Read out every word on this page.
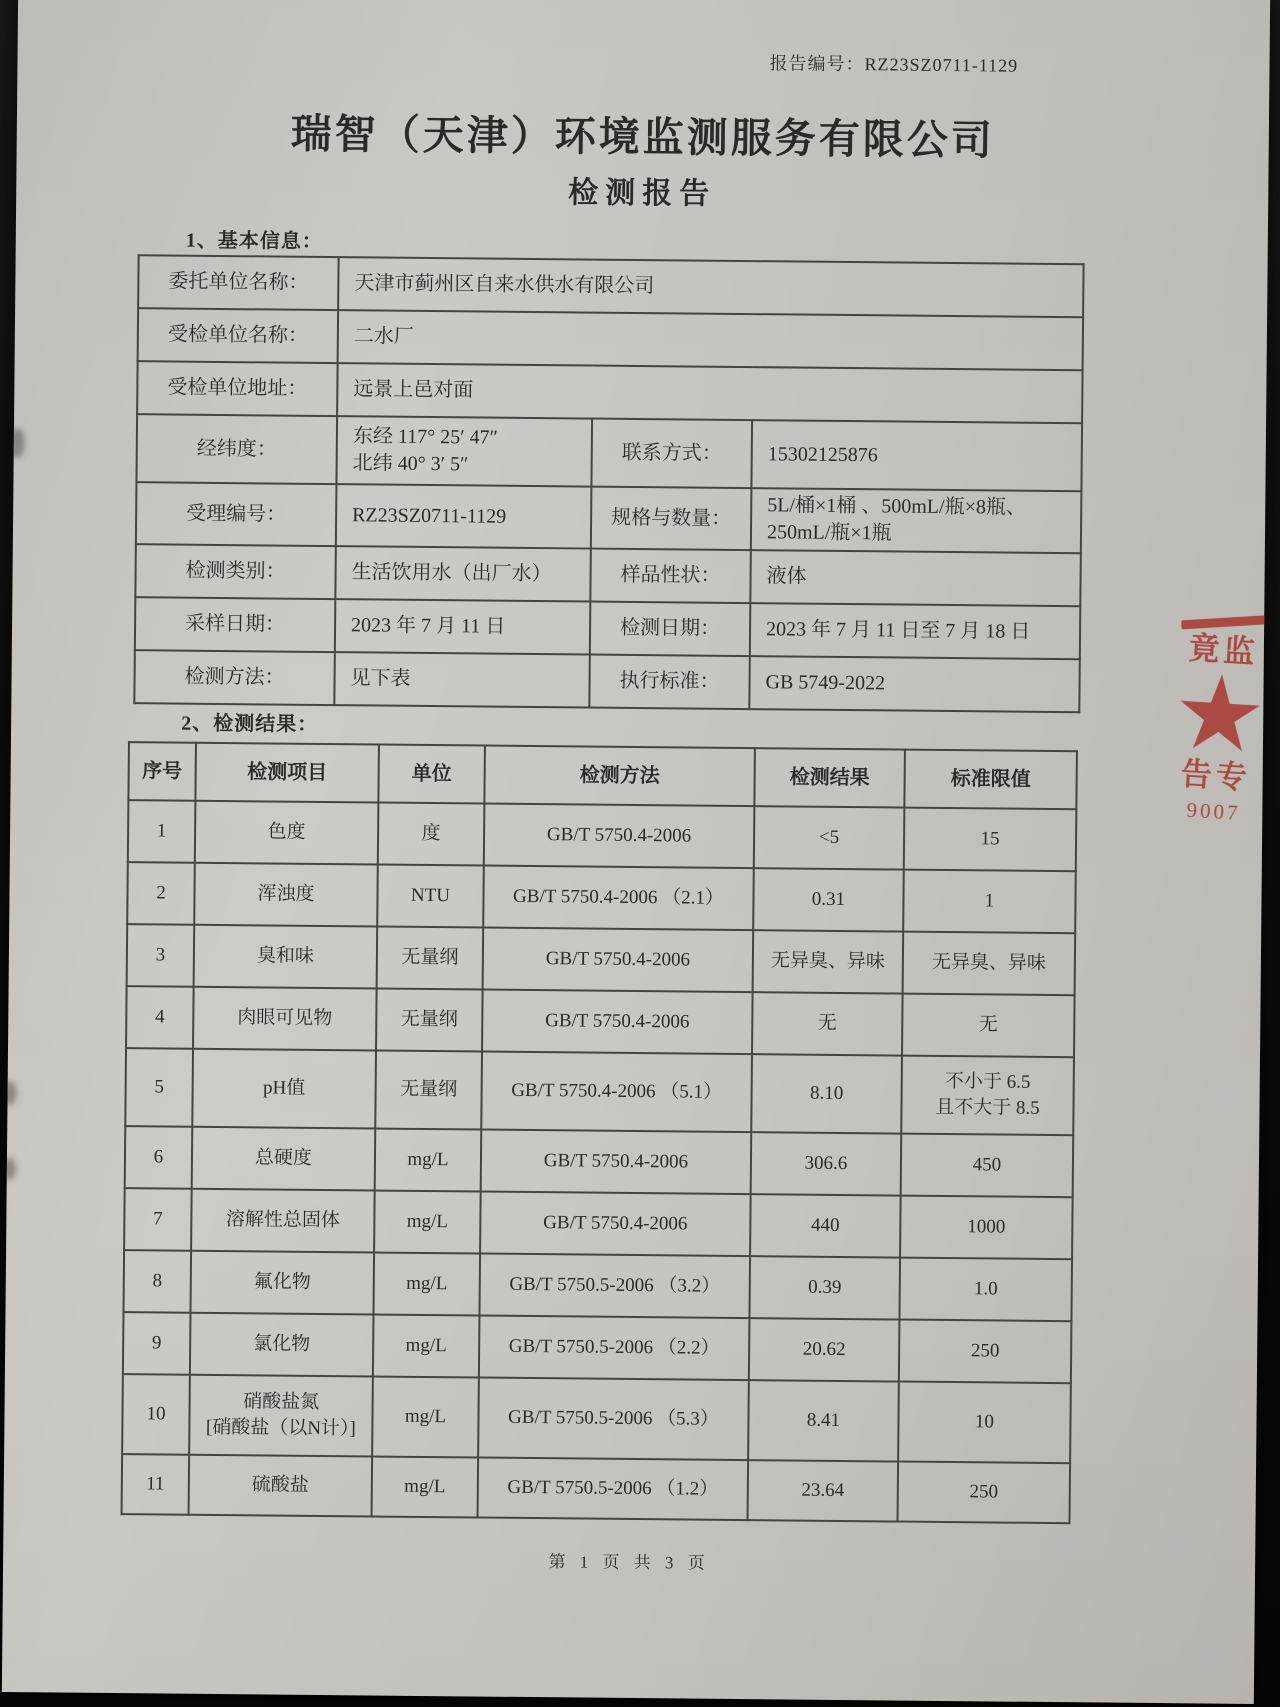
报告编号：RZ23SZ0711-1129
瑞智（天津）环境监测服务有限公司
检测报告
1、基本信息：
委托单位名称：	天津市蓟州区自来水供水有限公司		
受检单位名称：	二水厂		
受检单位地址：	远景上邑对面		
经纬度：	东经 117° 25′ 47″
北纬 40° 3′ 5″	联系方式：	15302125876
受理编号：	RZ23SZ0711-1129	规格与数量：	5L/桶×1桶 、500mL/瓶×8瓶、
250mL/瓶×1瓶
检测类别：	生活饮用水（出厂水）	样品性状：	液体
采样日期：	2023 年 7 月 11 日	检测日期：	2023 年 7 月 11 日至 7 月 18 日
检测方法：	见下表	执行标准：	GB 5749-2022
2、检测结果：
序号	检测项目	单位	检测方法	检测结果	标准限值
1	色度	度	GB/T 5750.4-2006	<5	15
2	浑浊度	NTU	GB/T 5750.4-2006 （2.1）	0.31	1
3	臭和味	无量纲	GB/T 5750.4-2006	无异臭、异味	无异臭、异味
4	肉眼可见物	无量纲	GB/T 5750.4-2006	无	无
5	pH值	无量纲	GB/T 5750.4-2006 （5.1）	8.10	不小于 6.5
且不大于 8.5
6	总硬度	mg/L	GB/T 5750.4-2006	306.6	450
7	溶解性总固体	mg/L	GB/T 5750.4-2006	440	1000
8	氟化物	mg/L	GB/T 5750.5-2006 （3.2）	0.39	1.0
9	氯化物	mg/L	GB/T 5750.5-2006 （2.2）	20.62	250
10	硝酸盐氮
[硝酸盐（以N计）]	mg/L	GB/T 5750.5-2006 （5.3）	8.41	10
11	硫酸盐	mg/L	GB/T 5750.5-2006 （1.2）	23.64	250
第 1 页 共 3 页
竟监
★
告专
9007
